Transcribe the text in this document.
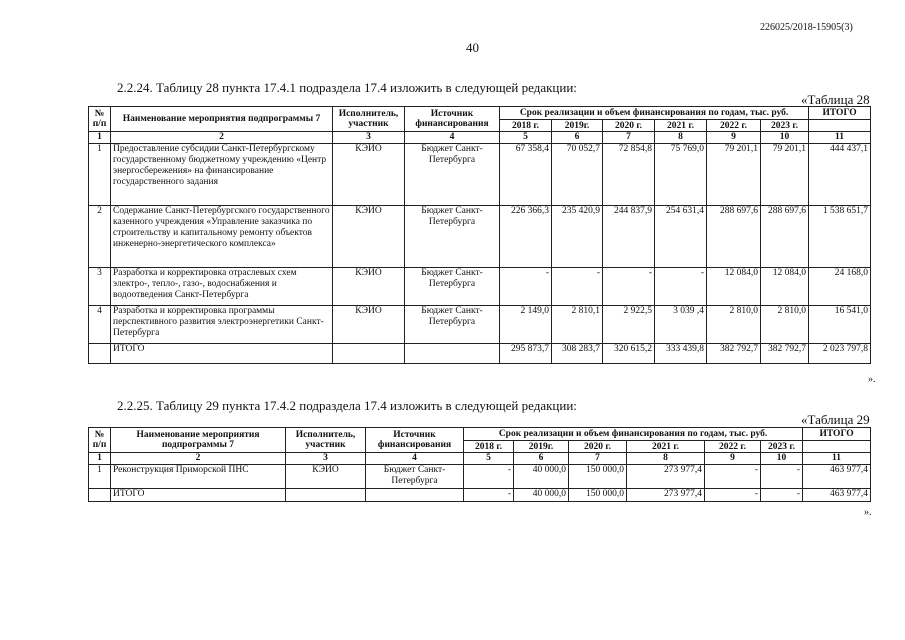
226025/2018-15905(3)
40
2.2.24. Таблицу 28 пункта 17.4.1 подраздела 17.4 изложить в следующей редакции:
«Таблица 28
№ п/п	Наименование мероприятия подпрограммы 7	Исполнитель, участник	Источник финансирования	Срок реализации и объем финансирования по годам, тыс. руб.						ИТОГО
				2018 г.	2019г.	2020 г.	2021 г.	2022 г.	2023 г.	
1	2	3	4	5	6	7	8	9	10	11
1	Предоставление субсидии Санкт-Петербургскому государственному бюджетному учреждению «Центр энергосбережения» на финансирование государственного задания	КЭИО	Бюджет Санкт-Петербурга	67 358,4	70 052,7	72 854,8	75 769,0	79 201,1	79 201,1	444 437,1
2	Содержание Санкт-Петербургского государственного казенного учреждения «Управление заказчика по строительству и капитальному ремонту объектов инженерно-энергетического комплекса»	КЭИО	Бюджет Санкт-Петербурга	226 366,3	235 420,9	244 837,9	254 631,4	288 697,6	288 697,6	1 538 651,7
3	Разработка и корректировка отраслевых схем электро-, тепло-, газо-, водоснабжения и водоотведения Санкт-Петербурга	КЭИО	Бюджет Санкт-Петербурга	-	-	-	-	12 084,0	12 084,0	24 168,0
4	Разработка и корректировка программы перспективного развития электроэнергетики Санкт-Петербурга	КЭИО	Бюджет Санкт-Петербурга	2 149,0	2 810,1	2 922,5	3 039 ,4	2 810,0	2 810,0	16 541,0
	ИТОГО			295 873,7	308 283,7	320 615,2	333 439,8	382 792,7	382 792,7	2 023 797,8
».
2.2.25. Таблицу 29 пункта 17.4.2 подраздела 17.4 изложить в следующей редакции:
«Таблица 29
№ п/п	Наименование мероприятия подпрограммы 7	Исполнитель, участник	Источник финансирования	Срок реализации и объем финансирования по годам, тыс. руб.						ИТОГО
				2018 г.	2019г.	2020 г.	2021 г.	2022 г.	2023 г.	
1	2	3	4	5	6	7	8	9	10	11
1	Реконструкция Приморской ПНС	КЭИО	Бюджет Санкт-Петербурга	-	40 000,0	150 000,0	273 977,4	-	-	463 977,4
	ИТОГО			-	40 000,0	150 000,0	273 977,4	-	-	463 977,4
».
